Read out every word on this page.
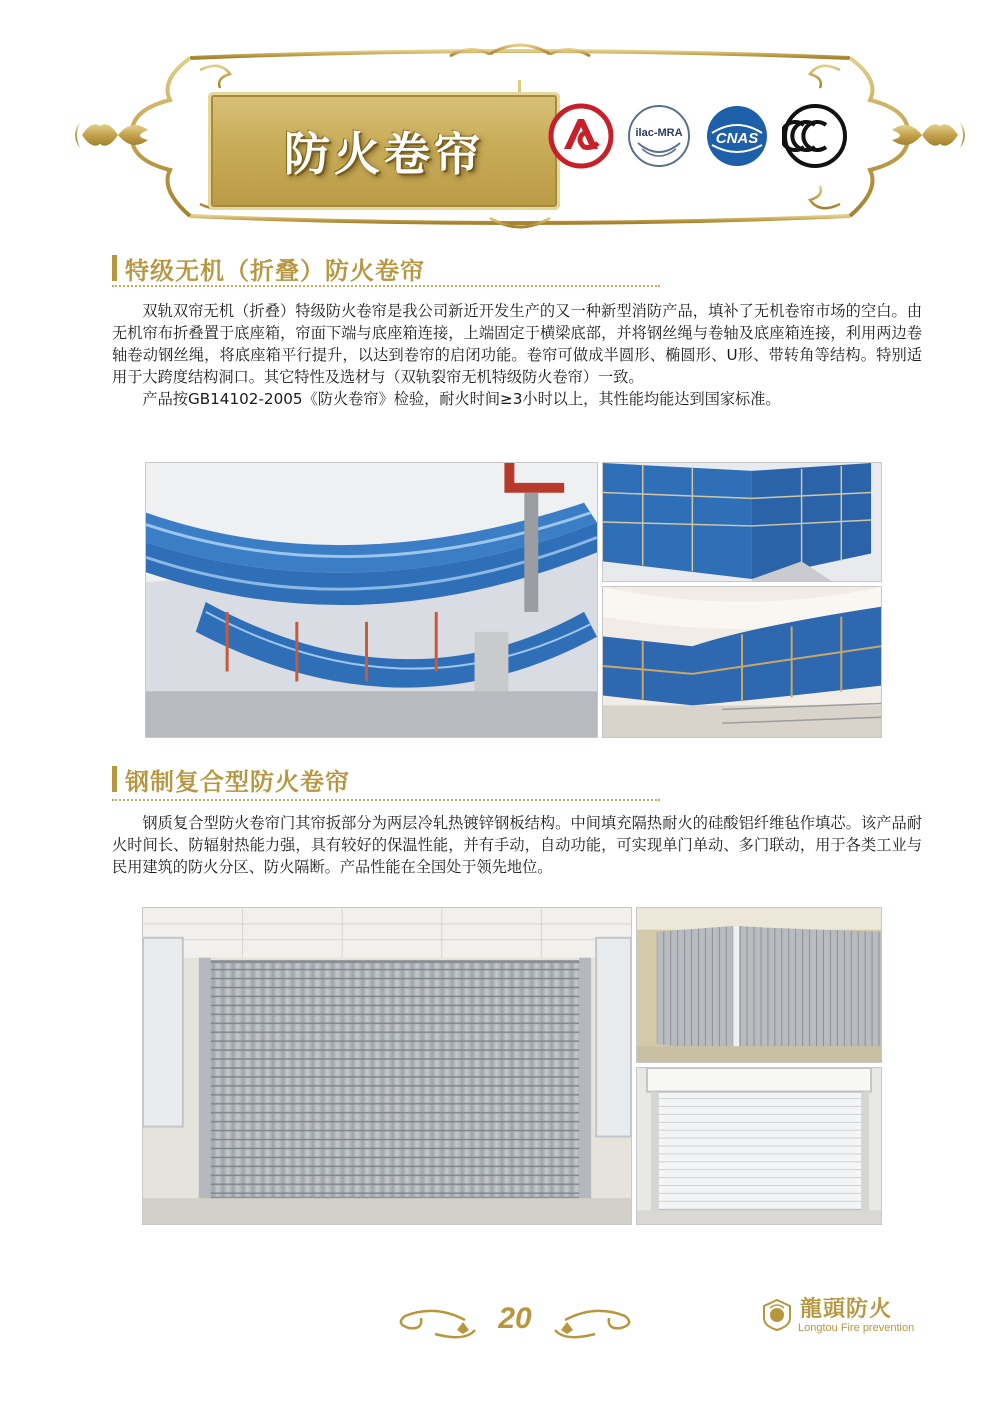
防火卷帘	ilac-MRA CNAS
特级无机（折叠）防火卷帘

双轨双帘无机（折叠）特级防火卷帘是我公司新近开发生产的又一种新型消防产品，填补了无机卷帘市场的空白。由无机帘布折叠置于底座箱，帘面下端与底座箱连接，上端固定于横梁底部，并将钢丝绳与卷轴及底座箱连接，利用两边卷轴卷动钢丝绳，将底座箱平行提升，以达到卷帘的启闭功能。卷帘可做成半圆形、椭圆形、U形、带转角等结构。特别适用于大跨度结构洞口。其它特性及选材与（双轨裂帘无机特级防火卷帘）一致。

产品按GB14102-2005《防火卷帘》检验，耐火时间≥3小时以上，其性能均能达到国家标准。

钢制复合型防火卷帘

钢质复合型防火卷帘门其帘扳部分为两层冷轧热镀锌钢板结构。中间填充隔热耐火的硅酸铝纤维毡作填芯。该产品耐火时间长、防辐射热能力强，具有较好的保温性能，并有手动，自动功能，可实现单门单动、多门联动，用于各类工业与民用建筑的防火分区、防火隔断。产品性能在全国处于领先地位。

20	龍頭防火
Longtou Fire prevention
